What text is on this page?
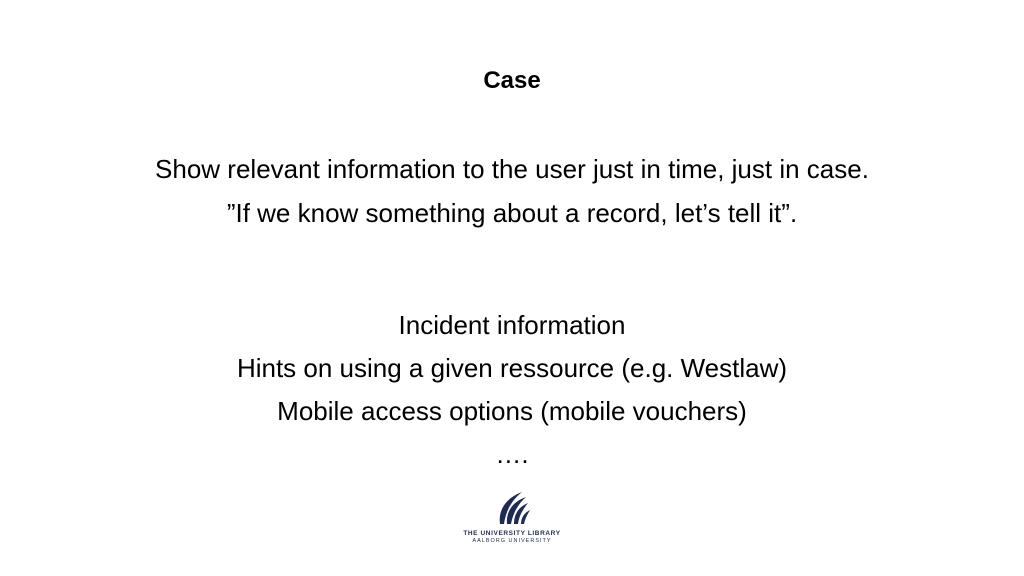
Case
Show relevant information to the user just in time, just in case.
”If we know something about a record, let’s tell it”.
Incident information
Hints on using a given ressource (e.g. Westlaw)
Mobile access options (mobile vouchers)
….
THE UNIVERSITY LIBRARY
AALBORG UNIVERSITY
